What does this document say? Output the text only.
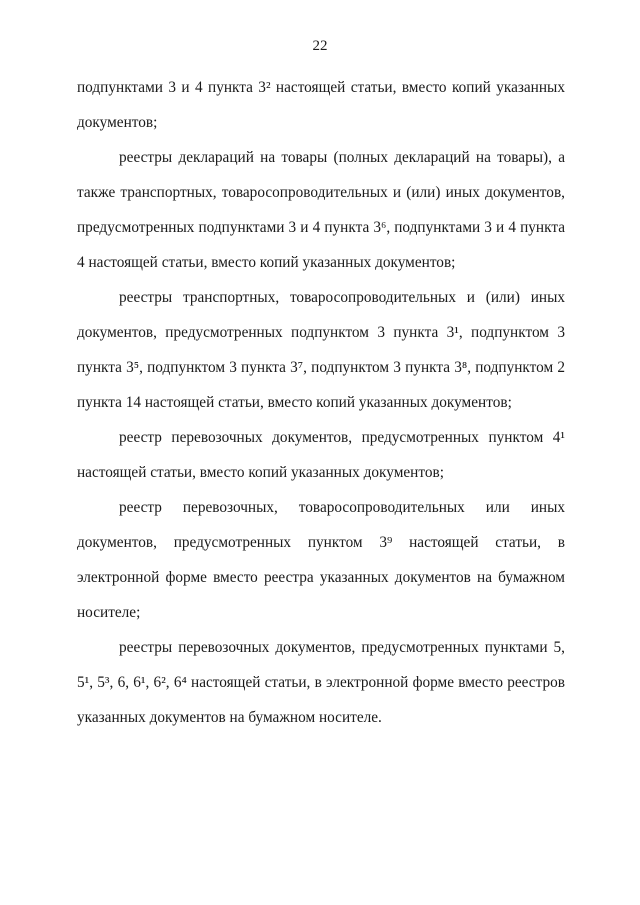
22

подпунктами 3 и 4 пункта 3² настоящей статьи, вместо копий указанных документов;

реестры деклараций на товары (полных деклараций на товары), а также транспортных, товаросопроводительных и (или) иных документов, предусмотренных подпунктами 3 и 4 пункта 3⁶, подпунктами 3 и 4 пункта 4 настоящей статьи, вместо копий указанных документов;

реестры транспортных, товаросопроводительных и (или) иных документов, предусмотренных подпунктом 3 пункта 3¹, подпунктом 3 пункта 3⁵, подпунктом 3 пункта 3⁷, подпунктом 3 пункта 3⁸, подпунктом 2 пункта 14 настоящей статьи, вместо копий указанных документов;

реестр перевозочных документов, предусмотренных пунктом 4¹ настоящей статьи, вместо копий указанных документов;

реестр перевозочных, товаросопроводительных или иных документов, предусмотренных пунктом 3⁹ настоящей статьи, в электронной форме вместо реестра указанных документов на бумажном носителе;

реестры перевозочных документов, предусмотренных пунктами 5, 5¹, 5³, 6, 6¹, 6², 6⁴ настоящей статьи, в электронной форме вместо реестров указанных документов на бумажном носителе.
